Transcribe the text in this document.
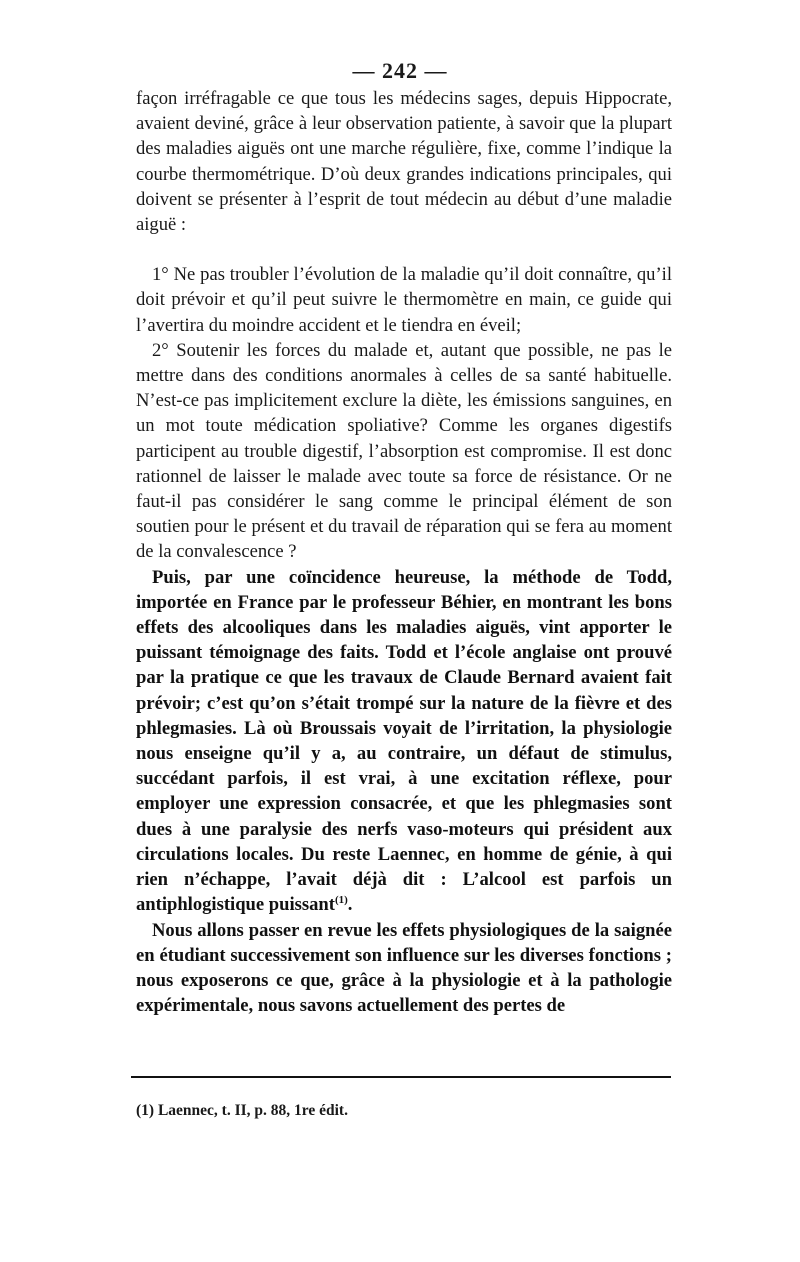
— 242 —

façon irréfragable ce que tous les médecins sages, depuis Hippocrate, avaient deviné, grâce à leur observation patiente, à savoir que la plupart des maladies aiguës ont une marche régulière, fixe, comme l’indique la courbe thermométrique. D’où deux grandes indications principales, qui doivent se présenter à l’esprit de tout médecin au début d’une maladie aiguë :

1° Ne pas troubler l’évolution de la maladie qu’il doit connaître, qu’il doit prévoir et qu’il peut suivre le thermomètre en main, ce guide qui l’avertira du moindre accident et le tiendra en éveil;

2° Soutenir les forces du malade et, autant que possible, ne pas le mettre dans des conditions anormales à celles de sa santé habituelle. N’est-ce pas implicitement exclure la diète, les émissions sanguines, en un mot toute médication spoliative? Comme les organes digestifs participent au trouble digestif, l’absorption est compromise. Il est donc rationnel de laisser le malade avec toute sa force de résistance. Or ne faut-il pas considérer le sang comme le principal élément de son soutien pour le présent et du travail de réparation qui se fera au moment de la convalescence ?

Puis, par une coïncidence heureuse, la méthode de Todd, importée en France par le professeur Béhier, en montrant les bons effets des alcooliques dans les maladies aiguës, vint apporter le puissant témoignage des faits. Todd et l’école anglaise ont prouvé par la pratique ce que les travaux de Claude Bernard avaient fait prévoir; c’est qu’on s’était trompé sur la nature de la fièvre et des phlegmasies. Là où Broussais voyait de l’irritation, la physiologie nous enseigne qu’il y a, au contraire, un défaut de stimulus, succédant parfois, il est vrai, à une excitation réflexe, pour employer une expression consacrée, et que les phlegmasies sont dues à une paralysie des nerfs vaso-moteurs qui président aux circulations locales. Du reste Laennec, en homme de génie, à qui rien n’échappe, l’avait déjà dit : L’alcool est parfois un antiphlogistique puissant$^{(1)}$.

Nous allons passer en revue les effets physiologiques de la saignée en étudiant successivement son influence sur les diverses fonctions ; nous exposerons ce que, grâce à la physiologie et à la pathologie expérimentale, nous savons actuellement des pertes de

(1) Laennec, t. II, p. 88, 1re édit.
